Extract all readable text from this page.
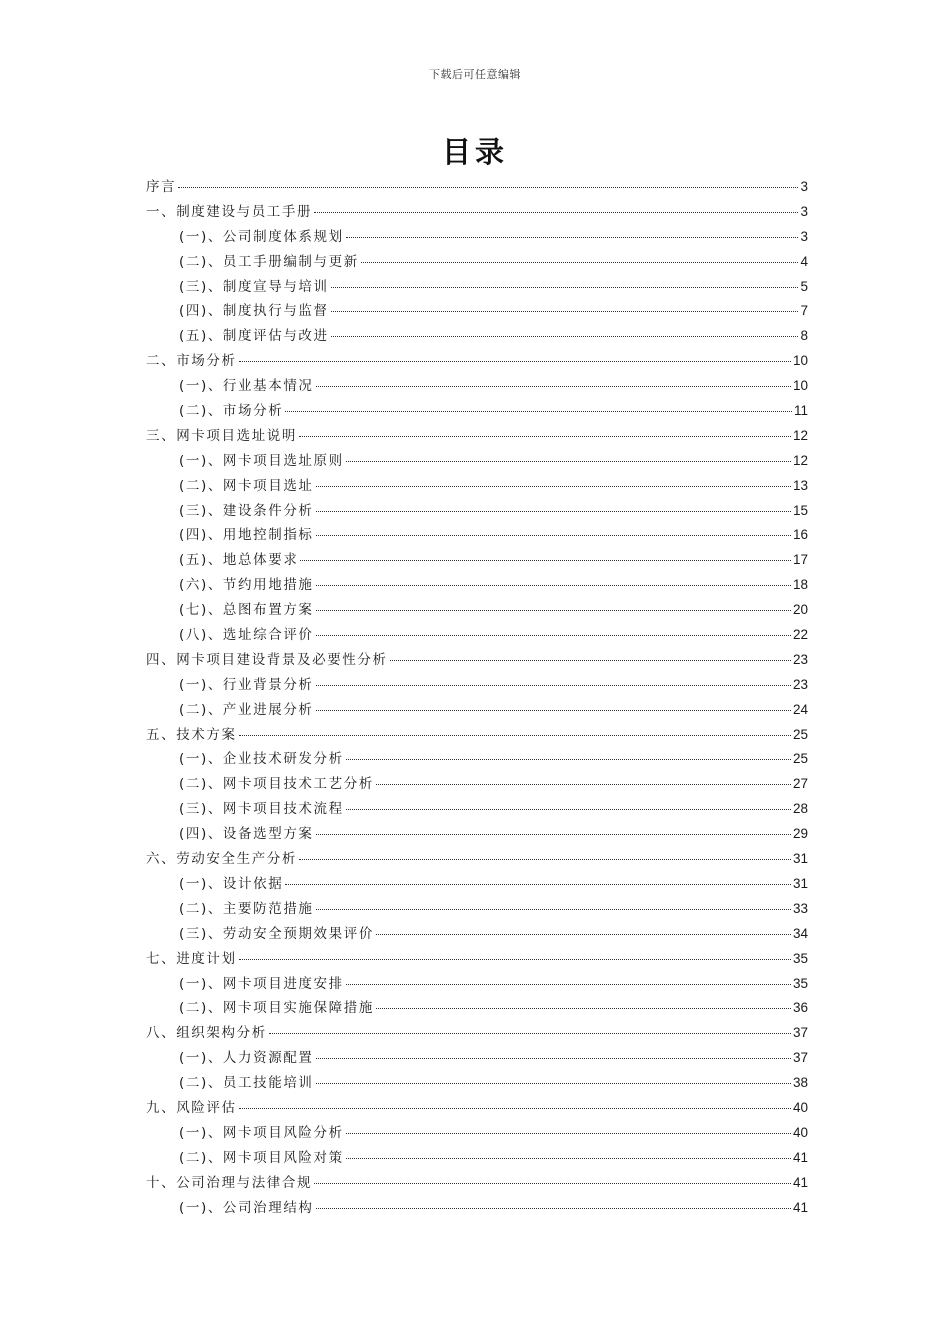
下载后可任意编辑
目录
序言	3
一、制度建设与员工手册	3
(一)、公司制度体系规划	3
(二)、员工手册编制与更新	4
(三)、制度宣导与培训	5
(四)、制度执行与监督	7
(五)、制度评估与改进	8
二、市场分析	10
(一)、行业基本情况	10
(二)、市场分析	11
三、网卡项目选址说明	12
(一)、网卡项目选址原则	12
(二)、网卡项目选址	13
(三)、建设条件分析	15
(四)、用地控制指标	16
(五)、地总体要求	17
(六)、节约用地措施	18
(七)、总图布置方案	20
(八)、选址综合评价	22
四、网卡项目建设背景及必要性分析	23
(一)、行业背景分析	23
(二)、产业进展分析	24
五、技术方案	25
(一)、企业技术研发分析	25
(二)、网卡项目技术工艺分析	27
(三)、网卡项目技术流程	28
(四)、设备选型方案	29
六、劳动安全生产分析	31
(一)、设计依据	31
(二)、主要防范措施	33
(三)、劳动安全预期效果评价	34
七、进度计划	35
(一)、网卡项目进度安排	35
(二)、网卡项目实施保障措施	36
八、组织架构分析	37
(一)、人力资源配置	37
(二)、员工技能培训	38
九、风险评估	40
(一)、网卡项目风险分析	40
(二)、网卡项目风险对策	41
十、公司治理与法律合规	41
(一)、公司治理结构	41
